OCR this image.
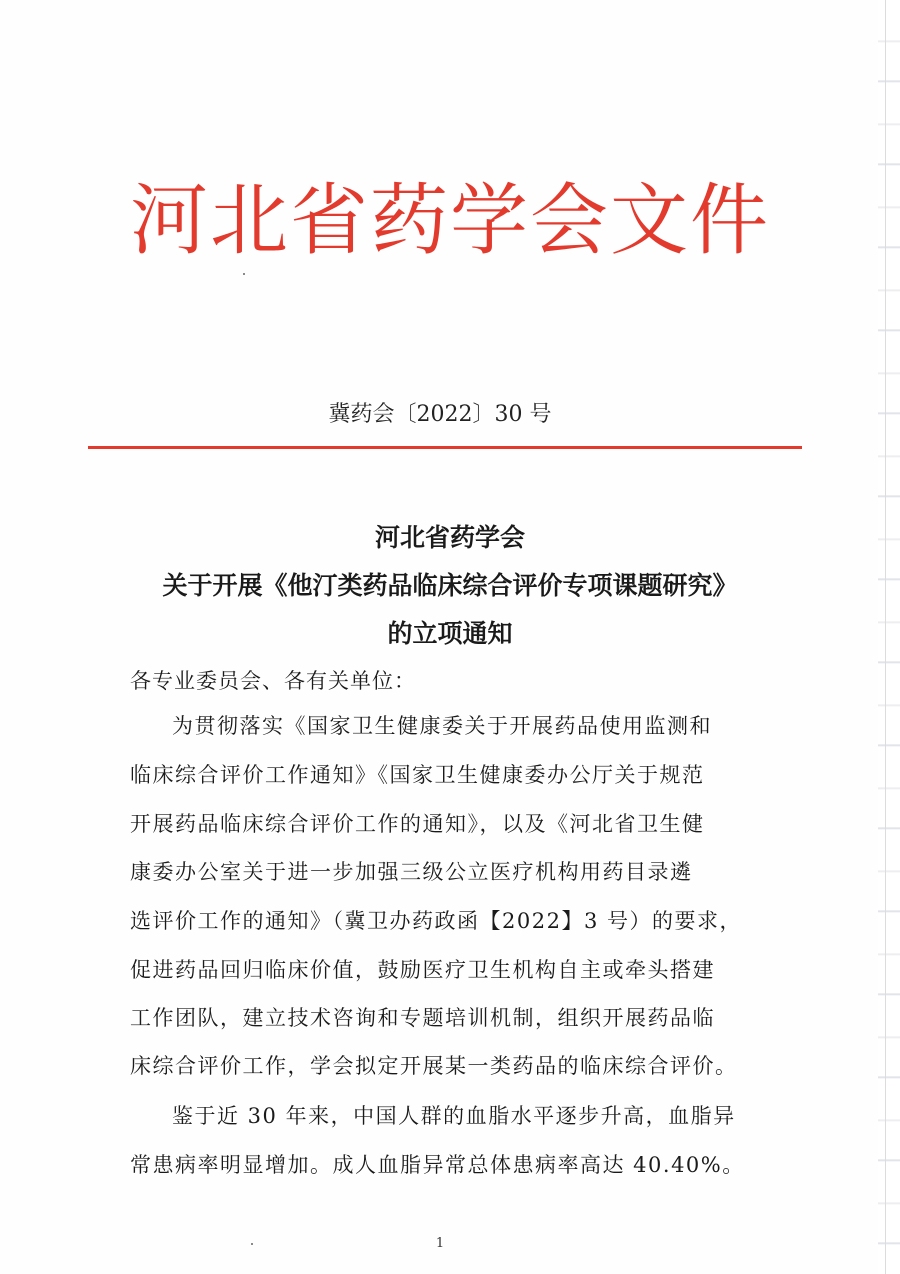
河北省药学会文件
冀药会〔2022〕30 号
河北省药学会
关于开展《他汀类药品临床综合评价专项课题研究》
的立项通知
各专业委员会、各有关单位：
为贯彻落实《国家卫生健康委关于开展药品使用监测和
临床综合评价工作通知》《国家卫生健康委办公厅关于规范
开展药品临床综合评价工作的通知》，以及《河北省卫生健
康委办公室关于进一步加强三级公立医疗机构用药目录遴
选评价工作的通知》（冀卫办药政函【2022】3 号）的要求，
促进药品回归临床价值，鼓励医疗卫生机构自主或牵头搭建
工作团队，建立技术咨询和专题培训机制，组织开展药品临
床综合评价工作，学会拟定开展某一类药品的临床综合评价。
鉴于近 30 年来，中国人群的血脂水平逐步升高，血脂异
常患病率明显增加。成人血脂异常总体患病率高达 40.40%。
1
